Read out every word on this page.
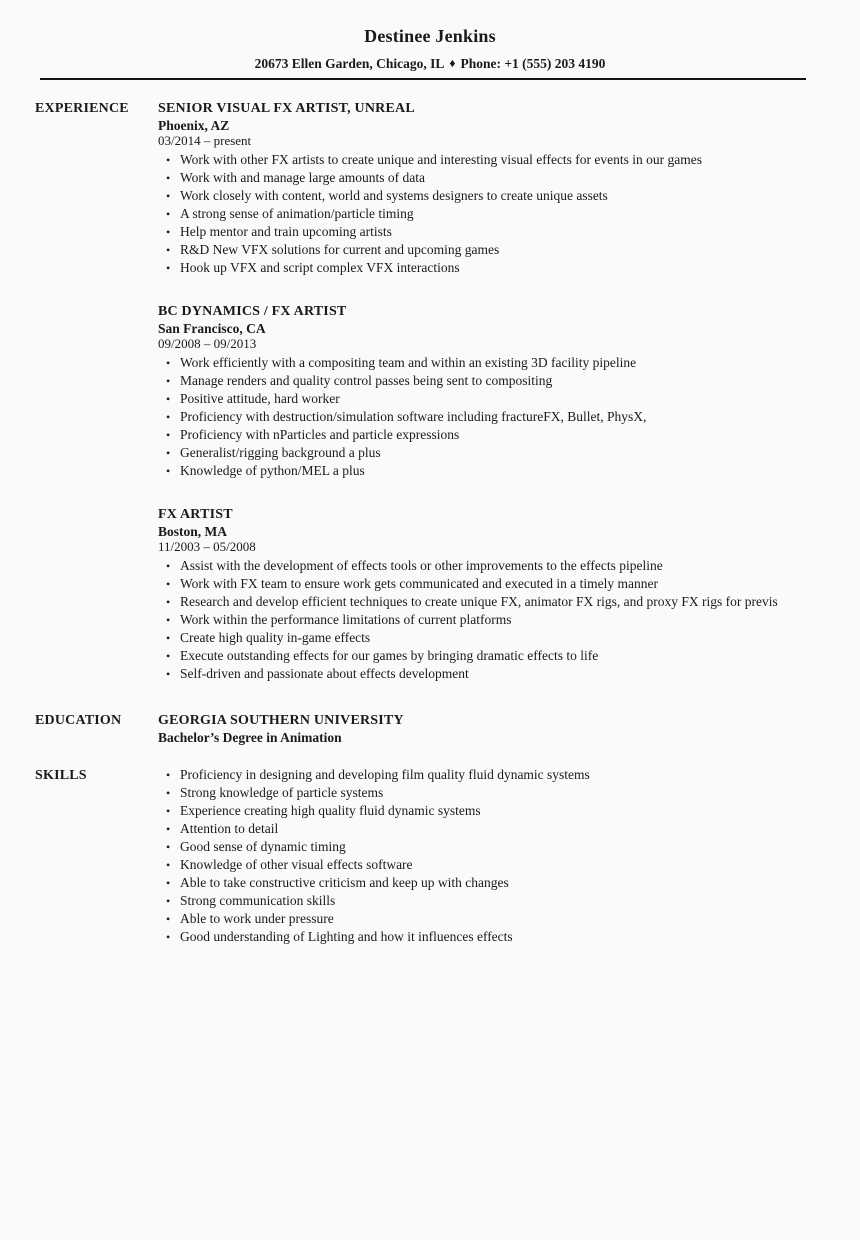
Destinee Jenkins
20673 Ellen Garden, Chicago, IL ♦ Phone: +1 (555) 203 4190
EXPERIENCE	SENIOR VISUAL FX ARTIST, UNREAL
Phoenix, AZ
03/2014 – present
• Work with other FX artists to create unique and interesting visual effects for events in our games
• Work with and manage large amounts of data
• Work closely with content, world and systems designers to create unique assets
• A strong sense of animation/particle timing
• Help mentor and train upcoming artists
• R&D New VFX solutions for current and upcoming games
• Hook up VFX and script complex VFX interactions
BC DYNAMICS / FX ARTIST
San Francisco, CA
09/2008 – 09/2013
• Work efficiently with a compositing team and within an existing 3D facility pipeline
• Manage renders and quality control passes being sent to compositing
• Positive attitude, hard worker
• Proficiency with destruction/simulation software including fractureFX, Bullet, PhysX,
• Proficiency with nParticles and particle expressions
• Generalist/rigging background a plus
• Knowledge of python/MEL a plus
FX ARTIST
Boston, MA
11/2003 – 05/2008
• Assist with the development of effects tools or other improvements to the effects pipeline
• Work with FX team to ensure work gets communicated and executed in a timely manner
• Research and develop efficient techniques to create unique FX, animator FX rigs, and proxy FX rigs for previs
• Work within the performance limitations of current platforms
• Create high quality in-game effects
• Execute outstanding effects for our games by bringing dramatic effects to life
• Self-driven and passionate about effects development
EDUCATION	GEORGIA SOUTHERN UNIVERSITY
Bachelor’s Degree in Animation
SKILLS	• Proficiency in designing and developing film quality fluid dynamic systems
• Strong knowledge of particle systems
• Experience creating high quality fluid dynamic systems
• Attention to detail
• Good sense of dynamic timing
• Knowledge of other visual effects software
• Able to take constructive criticism and keep up with changes
• Strong communication skills
• Able to work under pressure
• Good understanding of Lighting and how it influences effects
